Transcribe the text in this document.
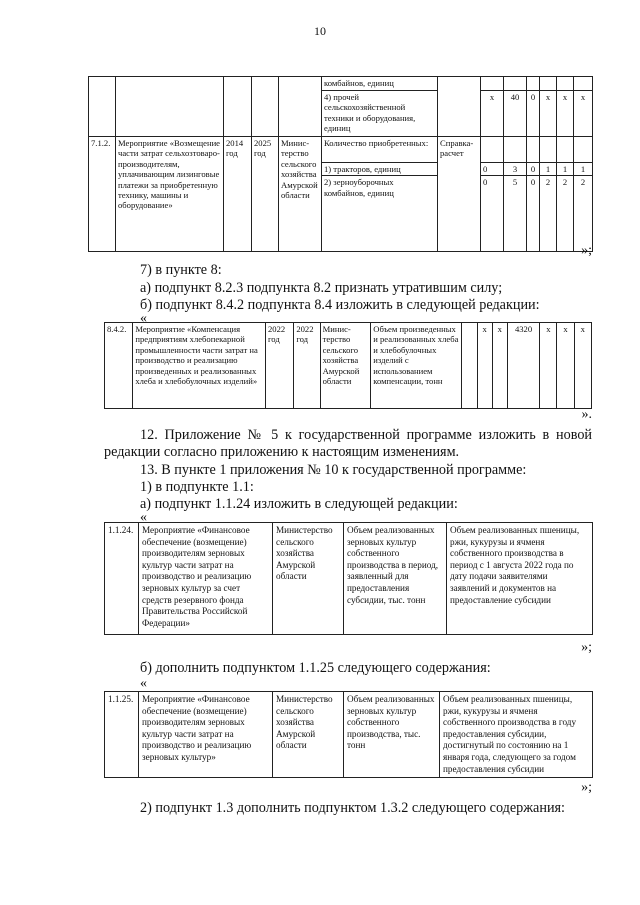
10
					комбайнов, единиц							
					4) прочей сельскохозяйственной техники и оборудования, единиц		x	40	0	x	x	x
7.1.2.	Мероприятие «Возмещение части затрат сельхозтоваро-производителям, уплачивающим лизинговые платежи за приобретенную технику, машины и оборудование»	2014 год	2025 год	Минис-терство сельского хозяйства Амурской области	Количество приобретенных:	Справка-расчет						
					1) тракторов, единиц		0	3	0	1	1	1
					2) зерноуборочных комбайнов, единиц		0	5	0	2	2	2
»;
7) в пункте 8:
а) подпункт 8.2.3 подпункта 8.2 признать утратившим силу;
б) подпункт 8.4.2 подпункта 8.4 изложить в следующей редакции:
«
8.4.2.	Мероприятие «Компенсация предприятиям хлебопекарной промышленности части затрат на производство и реализацию произведенных и реализованных хлеба и хлебобулочных изделий»	2022 год	2022 год	Минис-терство сельского хозяйства Амурской области	Объем произведенных и реализованных хлеба и хлебобулочных изделий с использованием компенсации, тонн		x	x	4320	x	x	x
».
12. Приложение № 5 к государственной программе изложить в новой редакции согласно приложению к настоящим изменениям.
13. В пункте 1 приложения № 10 к государственной программе:
1) в подпункте 1.1:
а) подпункт 1.1.24 изложить в следующей редакции:
«
1.1.24.	Мероприятие «Финансовое обеспечение (возмещение) производителям зерновых культур части затрат на производство и реализацию зерновых культур за счет средств резервного фонда Правительства Российской Федерации»	Министерство сельского хозяйства Амурской области	Объем реализованных зерновых культур собственного производства в период, заявленный для предоставления субсидии, тыс. тонн	Объем реализованных пшеницы, ржи, кукурузы и ячменя собственного производства в период с 1 августа 2022 года по дату подачи заявителями заявлений и документов на предоставление субсидии
»;
б) дополнить подпунктом 1.1.25 следующего содержания:
«
1.1.25.	Мероприятие «Финансовое обеспечение (возмещение) производителям зерновых культур части затрат на производство и реализацию зерновых культур»	Министерство сельского хозяйства Амурской области	Объем реализованных зерновых культур собственного производства, тыс. тонн	Объем реализованных пшеницы, ржи, кукурузы и ячменя собственного производства в году предоставления субсидии, достигнутый по состоянию на 1 января года, следующего за годом предоставления субсидии
»;
2) подпункт 1.3 дополнить подпунктом 1.3.2 следующего содержания:
